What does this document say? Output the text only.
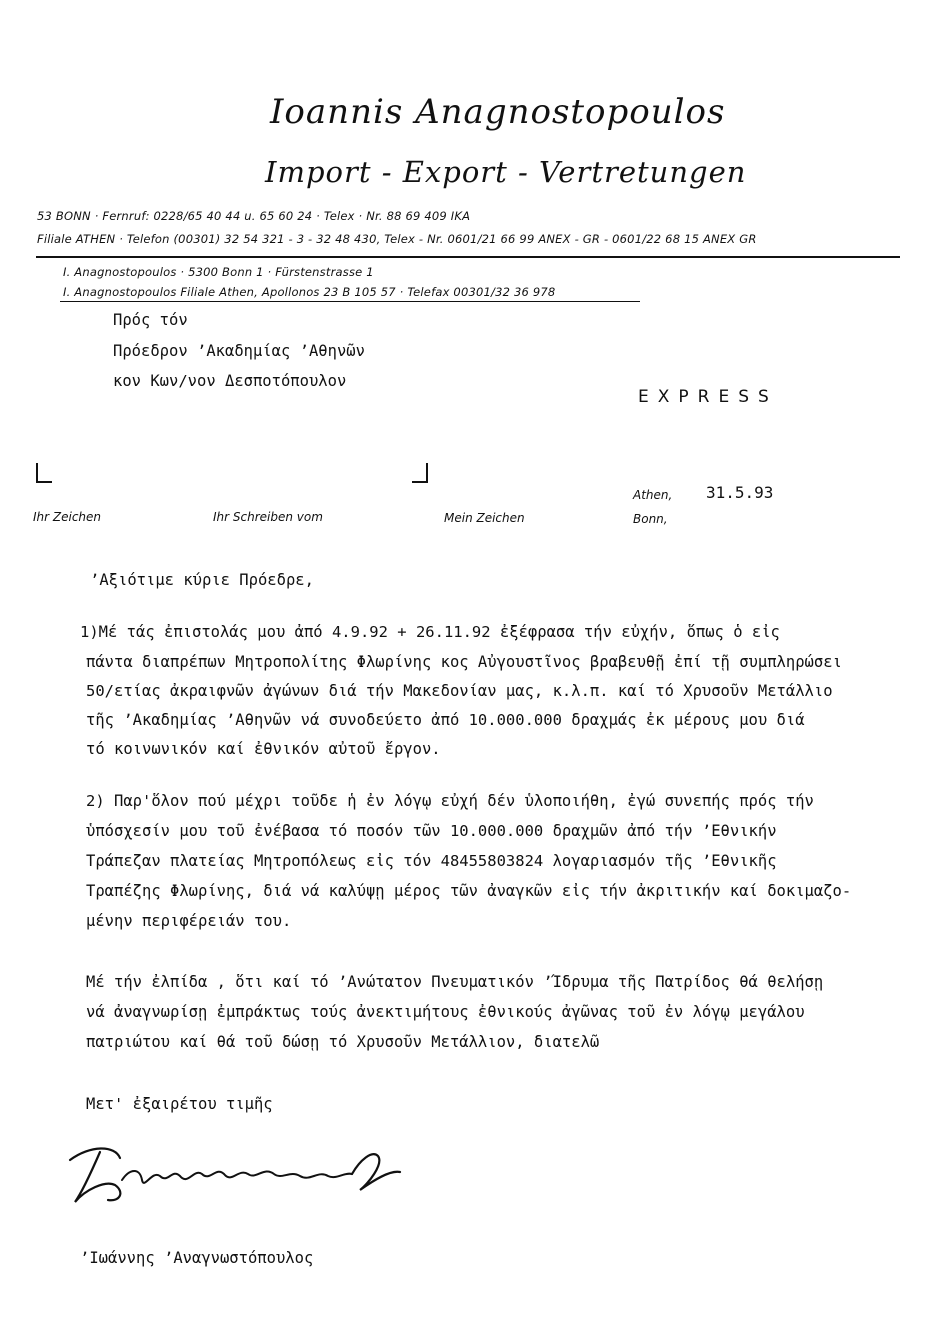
Ioannis Anagnostopoulos
Import - Export - Vertretungen
53 BONN · Fernruf: 0228/65 40 44 u. 65 60 24 · Telex · Nr. 88 69 409 IKA
Filiale ATHEN · Telefon (00301) 32 54 321 - 3 - 32 48 430, Telex - Nr. 0601/21 66 99 ANEX - GR - 0601/22 68 15 ANEX GR
I. Anagnostopoulos · 5300 Bonn 1 · Fürstenstrasse 1
I. Anagnostopoulos Filiale Athen, Apollonos 23 B 105 57 · Telefax 00301/32 36 978
Πρός τόν
Πρόεδρον ʼΑκαδημίας ʼΑθηνῶν
κον Κων/νον Δεσποτόπουλον
EXPRESS
Ihr Zeichen	Ihr Schreiben vom	Mein Zeichen
Athen,
Bonn,
31.5.93
ʼΑξιότιμε κύριε Πρόεδρε,
1)Μέ τάς ἐπιστολάς μου ἀπό 4.9.92 + 26.11.92 ἐξέφρασα τήν εὐχήν, ὅπως ὁ εἰς
πάντα διαπρέπων Μητροπολίτης Φλωρίνης κος Αὐγουστῖνος βραβευθῇ ἐπί τῇ συμπληρώσει
50/ετίας ἀκραιφνῶν ἀγώνων διά τήν Μακεδονίαν μας, κ.λ.π. καί τό Χρυσοῦν Μετάλλιο
τῆς ʼΑκαδημίας ʼΑθηνῶν νά συνοδεύετο ἀπό 10.000.000 δραχμάς ἐκ μέρους μου διά
τό κοινωνικόν καί ἐθνικόν αὐτοῦ ἔργον.
2) Παρ'ὅλον πού μέχρι τοῦδε ἡ ἐν λόγῳ εὐχή δέν ὑλοποιήθη, ἐγώ συνεπής πρός τήν
ὑπόσχεσίν μου τοῦ ἐνέβασα τό ποσόν τῶν 10.000.000 δραχμῶν ἀπό τήν ʼΕθνικήν
Τράπεζαν πλατείας Μητροπόλεως εἰς τόν 48455803824 λογαριασμόν τῆς ʼΕθνικῆς
Τραπέζης Φλωρίνης, διά νά καλύψῃ μέρος τῶν ἀναγκῶν εἰς τήν ἀκριτικήν καί δοκιμαζο-
μένην περιφέρειάν του.
Μέ τήν ἐλπίδα , ὅτι καί τό ʼΑνώτατον Πνευματικόν ʼΊδρυμα τῆς Πατρίδος θά θελήσῃ
νά ἀναγνωρίσῃ ἐμπράκτως τούς ἀνεκτιμήτους ἐθνικούς ἀγῶνας τοῦ ἐν λόγῳ μεγάλου
πατριώτου καί θά τοῦ δώσῃ τό Χρυσοῦν Μετάλλιον, διατελῶ
Μετ' ἐξαιρέτου τιμῆς
ʼΙωάννης ʼΑναγνωστόπουλος
